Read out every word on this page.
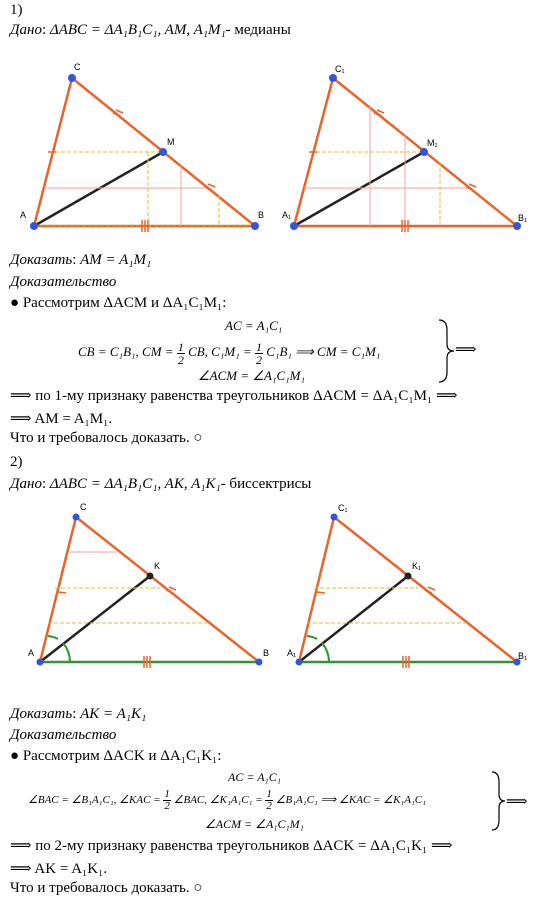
1)
Дано: ΔABC = ΔA₁B₁C₁, AM, A₁M₁- медианы
C
A	B
M
C₁
A₁	B₁
M₁
Доказать: AM = A₁M₁
Доказательство
● Рассмотрим ΔACM и ΔA₁C₁M₁:
AC = A₁C₁
CB = C₁B₁, CM = $\frac{1}{2}$ CB, $C_1M_1 = \frac{1}{2} C_1B_1$ ⟹ CM = C₁M₁
∠ACM = ∠A₁C₁M₁
⟹
⟹ по 1-му признаку равенства треугольников ΔACM = ΔA₁C₁M₁ ⟹
⟹ AM = A₁M₁.
Что и требовалось доказать. ○
2)
Дано: ΔABC = ΔA₁B₁C₁, AK, A₁K₁- биссектрисы
C
A	B
K
C₁
A₁	B₁
K₁
Доказать: AK = A₁K₁
Доказательство
● Рассмотрим ΔACK и ΔA₁C₁K₁:
AC = A₁C₁
∠BAC = ∠B₁A₁C₁, ∠KAC = $\frac{1}{2}$ ∠BAC, ∠K₁A₁C₁ = $\frac{1}{2}$ ∠B₁A₁C₁ ⟹ ∠KAC = ∠K₁A₁C₁
∠ACM = ∠A₁C₁M₁
⟹
⟹ по 2-му признаку равенства треугольников ΔACK = ΔA₁C₁K₁ ⟹
⟹ AK = A₁K₁.
Что и требовалось доказать. ○
